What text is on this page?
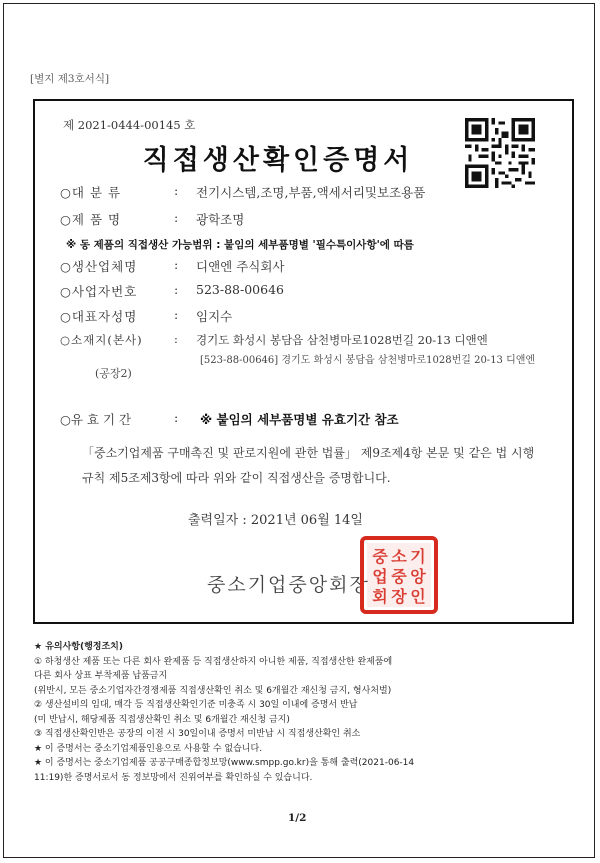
[별지 제3호서식]
제 2021-0444-00145 호
직접생산확인증명서
○대 분 류	: 전기시스템,조명,부품,액세서리및보조용품
○제 품 명	: 광학조명
※ 동 제품의 직접생산 가능범위 : 붙임의 세부품명별 '필수특이사항'에 따름
○생산업체명	: 디앤엔 주식회사
○사업자번호	: 523-88-00646
○대표자성명	: 임지수
○소재지(본사)	: 경기도 화성시 봉담읍 삼천병마로1028번길 20-13 디앤엔
(공장2)
[523-88-00646] 경기도 화성시 봉담읍 삼천병마로1028번길 20-13 디앤엔
○유 효 기 간	: ※ 붙임의 세부품명별 유효기간 참조
「중소기업제품 구매촉진 및 판로지원에 관한 법률」 제9조제4항 본문 및 같은 법 시행규칙 제5조제3항에 따라 위와 같이 직접생산을 증명합니다.
출력일자 : 2021년 06월 14일
중소기업중앙회장
중 소 기
업 중 앙
회 장 인
★ 유의사항(행정조치)
① 하청생산 제품 또는 다른 회사 완제품 등 직접생산하지 아니한 제품, 직접생산한 완제품에
다른 회사 상표 부착제품 납품금지
(위반시, 모든 중소기업자간경쟁제품 직접생산확인 취소 및 6개월간 재신청 금지, 형사처벌)
② 생산설비의 임대, 매각 등 직접생산확인기준 미충족 시 30일 이내에 증명서 반납
(미 반납시, 해당제품 직접생산확인 취소 및 6개월간 재신청 금지)
③ 직접생산확인반은 공장의 이전 시 30일이내 증명서 미반납 시 직접생산확인 취소
★ 이 증명서는 중소기업제품인용으로 사용할 수 없습니다.
★ 이 증명서는 중소기업제품 공공구매종합정보망(www.smpp.go.kr)을 통해 출력(2021-06-14
11:19)한 증명서로서 동 정보망에서 진위여부를 확인하실 수 있습니다.
1/2
